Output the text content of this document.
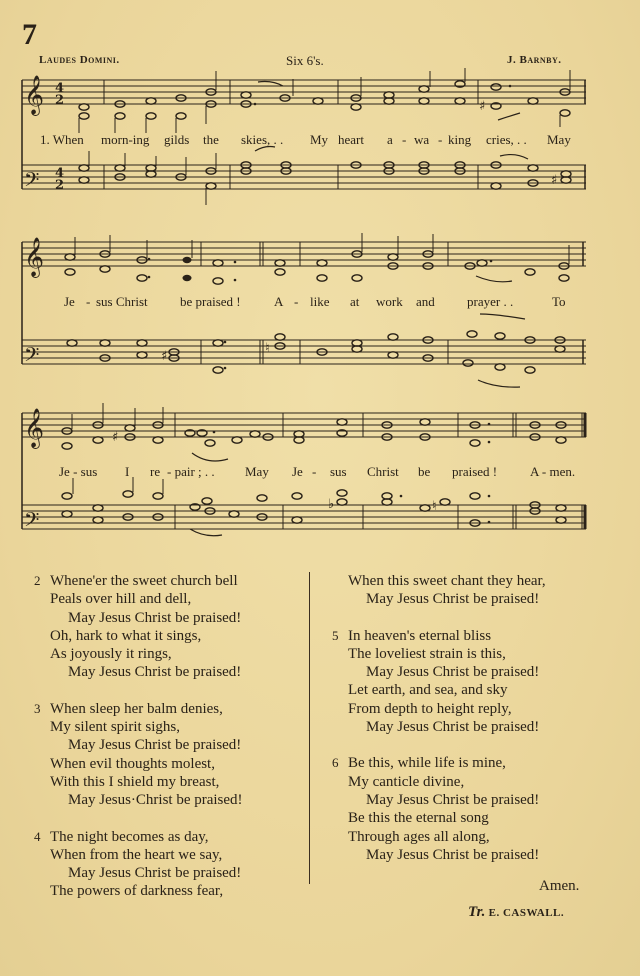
7
Laudes Domini.	Six 6's.	J. Barnby.
𝄞
𝄢
𝄞
𝄢
𝄞
𝄢
4
2
4
2
♯
♯
♯
♮
♯
♭	♮
1. When morn-ing gilds the skies, . . My heart a - wa - king cries, . . May
Je - sus Christ be praised !	A - like at work and prayer . .	To
Je - sus I re - pair ; . . May Je - sus Christ be praised !	A - men.
2 Whene'er the sweet church bell
Peals over hill and dell,
May Jesus Christ be praised!
Oh, hark to what it sings,
As joyously it rings,
May Jesus Christ be praised!
3 When sleep her balm denies,
My silent spirit sighs,
May Jesus Christ be praised!
When evil thoughts molest,
With this I shield my breast,
May Jesus·Christ be praised!
4 The night becomes as day,
When from the heart we say,
May Jesus Christ be praised!
The powers of darkness fear,
When this sweet chant they hear,
May Jesus Christ be praised!
5 In heaven's eternal bliss
The loveliest strain is this,
May Jesus Christ be praised!
Let earth, and sea, and sky
From depth to height reply,
May Jesus Christ be praised!
6 Be this, while life is mine,
My canticle divine,
May Jesus Christ be praised!
Be this the eternal song
Through ages all along,
May Jesus Christ be praised!
Amen.
Tr. E. CASWALL.
